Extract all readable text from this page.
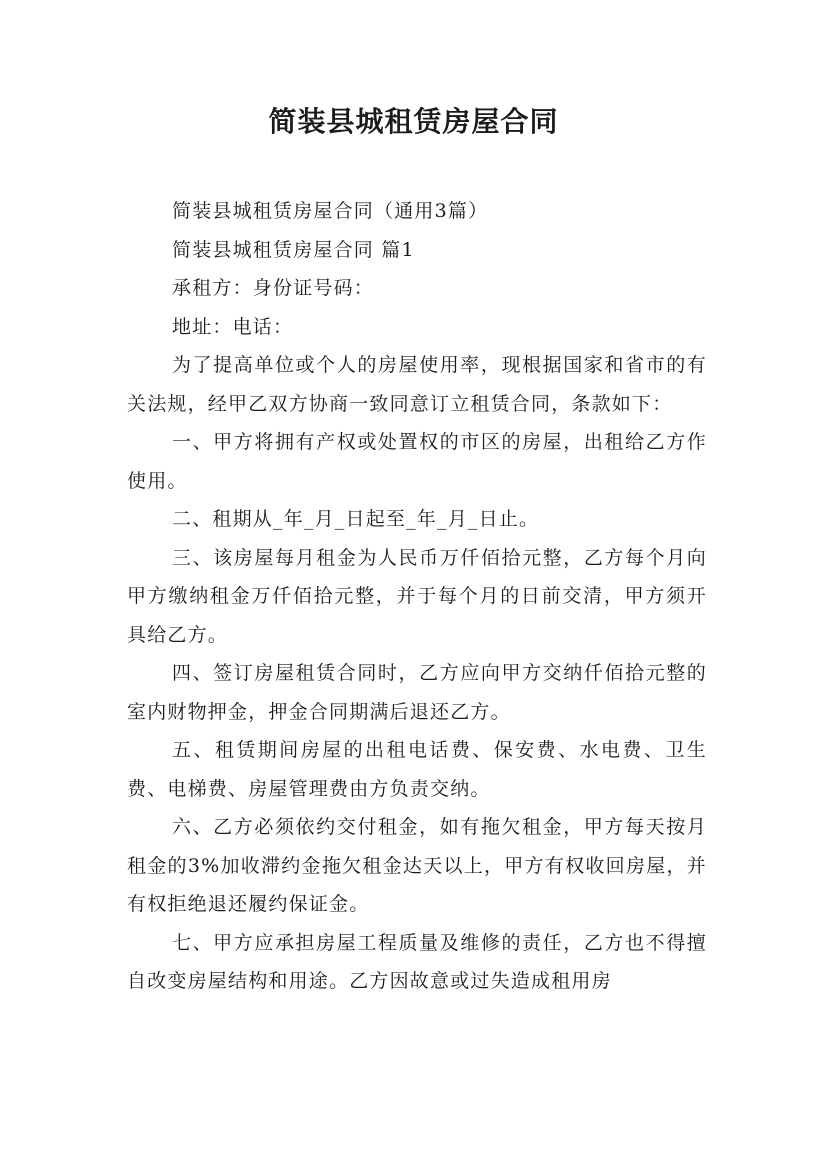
简装县城租赁房屋合同

简装县城租赁房屋合同（通用3篇）

简装县城租赁房屋合同 篇1

承租方：身份证号码：

地址：电话：

为了提高单位或个人的房屋使用率，现根据国家和省市的有关法规，经甲乙双方协商一致同意订立租赁合同，条款如下：

一、甲方将拥有产权或处置权的市区的房屋，出租给乙方作使用。

二、租期从_年_月_日起至_年_月_日止。

三、该房屋每月租金为人民币万仟佰拾元整，乙方每个月向甲方缴纳租金万仟佰拾元整，并于每个月的日前交清，甲方须开具给乙方。

四、签订房屋租赁合同时，乙方应向甲方交纳仟佰拾元整的室内财物押金，押金合同期满后退还乙方。

五、租赁期间房屋的出租电话费、保安费、水电费、卫生费、电梯费、房屋管理费由方负责交纳。

六、乙方必须依约交付租金，如有拖欠租金，甲方每天按月租金的3%加收滞约金拖欠租金达天以上，甲方有权收回房屋，并有权拒绝退还履约保证金。

七、甲方应承担房屋工程质量及维修的责任，乙方也不得擅自改变房屋结构和用途。乙方因故意或过失造成租用房
